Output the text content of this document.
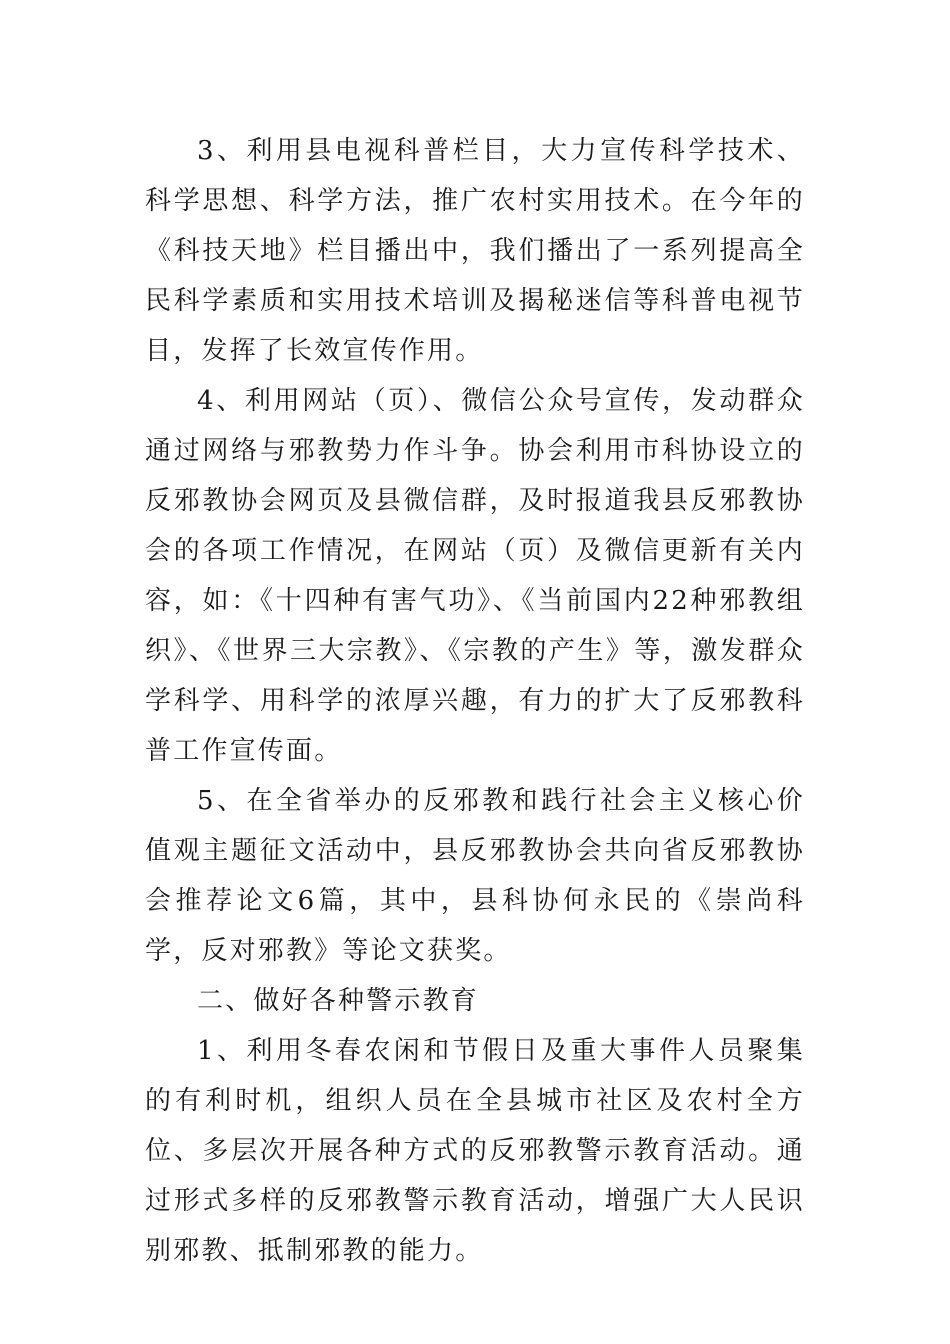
3、利用县电视科普栏目，大力宣传科学技术、科学思想、科学方法，推广农村实用技术。在今年的《科技天地》栏目播出中，我们播出了一系列提高全民科学素质和实用技术培训及揭秘迷信等科普电视节目，发挥了长效宣传作用。

4、利用网站（页）、微信公众号宣传，发动群众通过网络与邪教势力作斗争。协会利用市科协设立的反邪教协会网页及县微信群，及时报道我县反邪教协会的各项工作情况，在网站（页）及微信更新有关内容，如：《十四种有害气功》、《当前国内22种邪教组织》、《世界三大宗教》、《宗教的产生》等，激发群众学科学、用科学的浓厚兴趣，有力的扩大了反邪教科普工作宣传面。

5、在全省举办的反邪教和践行社会主义核心价值观主题征文活动中，县反邪教协会共向省反邪教协会推荐论文6篇，其中，县科协何永民的《崇尚科学，反对邪教》等论文获奖。

二、做好各种警示教育

1、利用冬春农闲和节假日及重大事件人员聚集的有利时机，组织人员在全县城市社区及农村全方位、多层次开展各种方式的反邪教警示教育活动。通过形式多样的反邪教警示教育活动，增强广大人民识别邪教、抵制邪教的能力。
